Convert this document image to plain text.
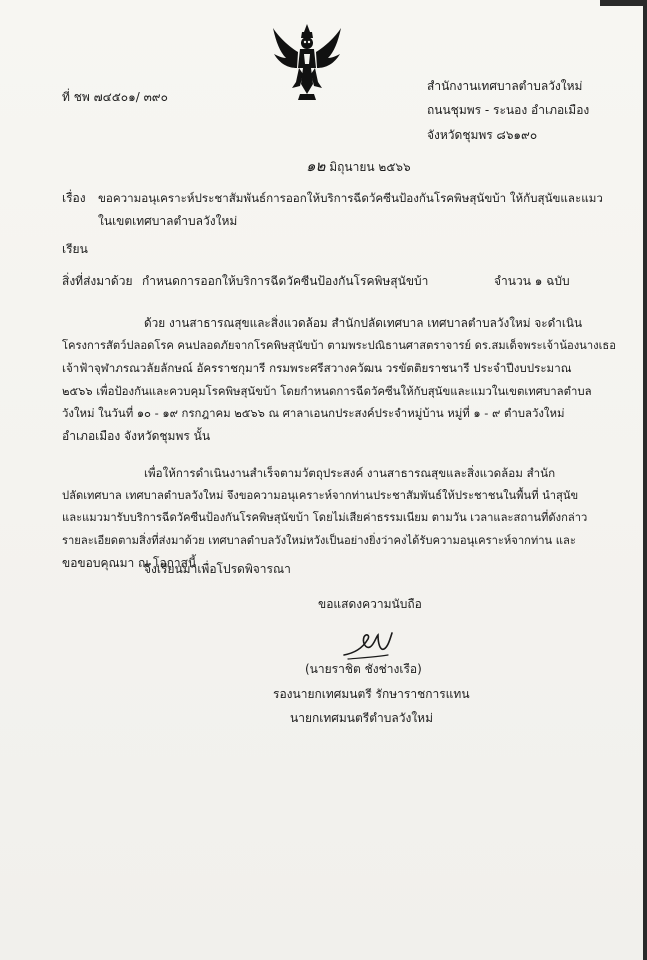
ที่ ชพ ๗๔๕๐๑/ ๓๙๐
สำนักงานเทศบาลตำบลวังใหม่
ถนนชุมพร - ระนอง อำเภอเมือง
จังหวัดชุมพร ๘๖๑๙๐
๑๒ มิถุนายน ๒๕๖๖
เรื่อง ขอความอนุเคราะห์ประชาสัมพันธ์การออกให้บริการฉีดวัคซีนป้องกันโรคพิษสุนัขบ้า ให้กับสุนัขและแมว
ในเขตเทศบาลตำบลวังใหม่
เรียน
สิ่งที่ส่งมาด้วย กำหนดการออกให้บริการฉีดวัคซีนป้องกันโรคพิษสุนัขบ้า	จำนวน ๑ ฉบับ
ด้วย งานสาธารณสุขและสิ่งแวดล้อม สำนักปลัดเทศบาล เทศบาลตำบลวังใหม่ จะดำเนิน
โครงการสัตว์ปลอดโรค คนปลอดภัยจากโรคพิษสุนัขบ้า ตามพระปณิธานศาสตราจารย์ ดร.สมเด็จพระเจ้าน้องนางเธอ
เจ้าฟ้าจุฬาภรณวลัยลักษณ์ อัครราชกุมารี กรมพระศรีสวางควัฒน วรขัตติยราชนารี ประจำปีงบประมาณ
๒๕๖๖ เพื่อป้องกันและควบคุมโรคพิษสุนัขบ้า โดยกำหนดการฉีดวัคซีนให้กับสุนัขและแมวในเขตเทศบาลตำบล
วังใหม่ ในวันที่ ๑๐ - ๑๙ กรกฎาคม ๒๕๖๖ ณ ศาลาเอนกประสงค์ประจำหมู่บ้าน หมู่ที่ ๑ - ๙ ตำบลวังใหม่
อำเภอเมือง จังหวัดชุมพร นั้น
เพื่อให้การดำเนินงานสำเร็จตามวัตถุประสงค์ งานสาธารณสุขและสิ่งแวดล้อม สำนัก
ปลัดเทศบาล เทศบาลตำบลวังใหม่ จึงขอความอนุเคราะห์จากท่านประชาสัมพันธ์ให้ประชาชนในพื้นที่ นำสุนัข
และแมวมารับบริการฉีดวัคซีนป้องกันโรคพิษสุนัขบ้า โดยไม่เสียค่าธรรมเนียม ตามวัน เวลาและสถานที่ดังกล่าว
รายละเอียดตามสิ่งที่ส่งมาด้วย เทศบาลตำบลวังใหม่หวังเป็นอย่างยิ่งว่าคงได้รับความอนุเคราะห์จากท่าน และ
ขอขอบคุณมา ณ โอกาสนี้
จึงเรียนมาเพื่อโปรดพิจารณา
ขอแสดงความนับถือ
(นายราชิต ชังช่างเรือ)
รองนายกเทศมนตรี รักษาราชการแทน
นายกเทศมนตรีตำบลวังใหม่
